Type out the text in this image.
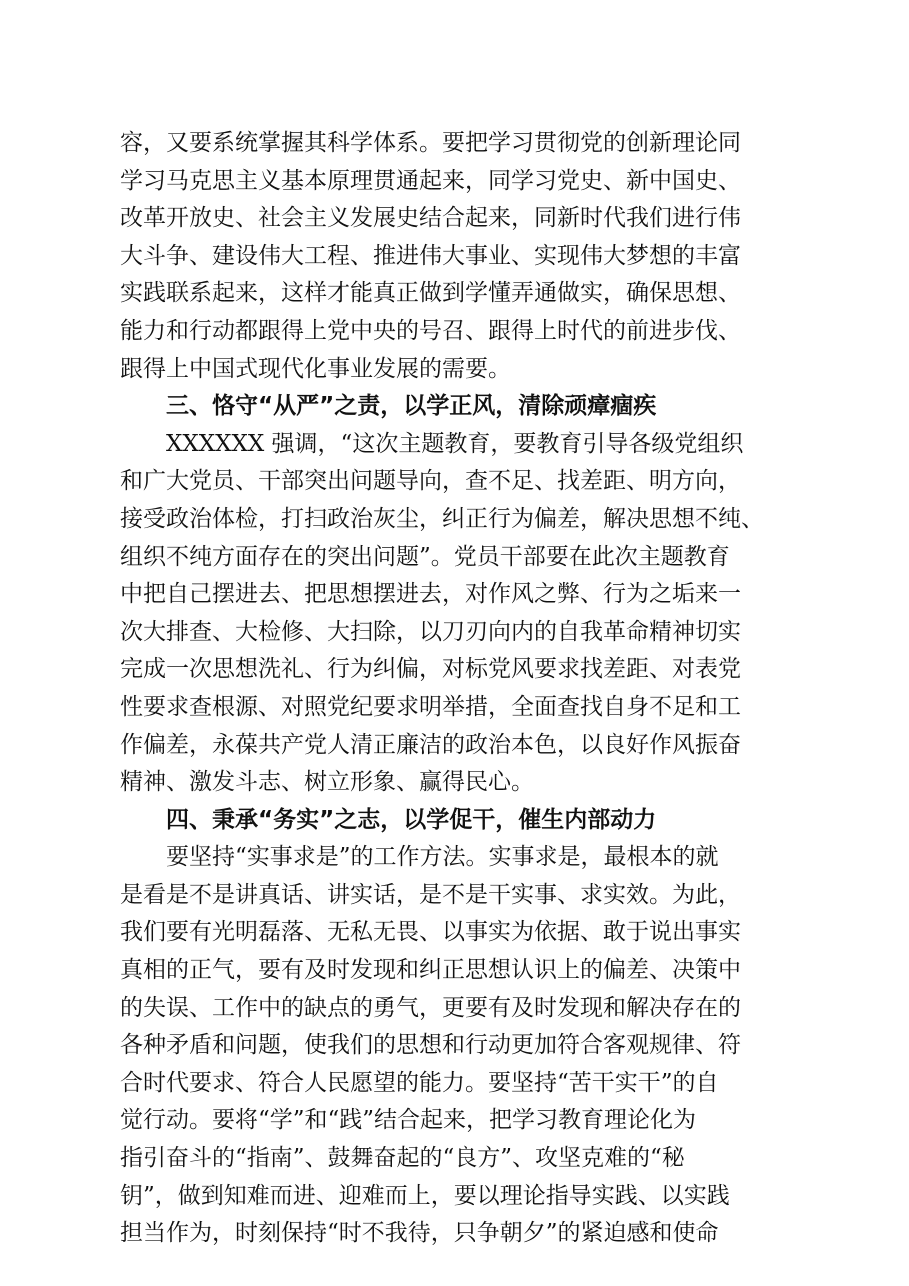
容，又要系统掌握其科学体系。要把学习贯彻党的创新理论同
学习马克思主义基本原理贯通起来，同学习党史、新中国史、
改革开放史、社会主义发展史结合起来，同新时代我们进行伟
大斗争、建设伟大工程、推进伟大事业、实现伟大梦想的丰富
实践联系起来，这样才能真正做到学懂弄通做实，确保思想、
能力和行动都跟得上党中央的号召、跟得上时代的前进步伐、
跟得上中国式现代化事业发展的需要。
三、恪守“从严”之责，以学正风，清除顽瘴痼疾
XXXXXX 强调，“这次主题教育，要教育引导各级党组织
和广大党员、干部突出问题导向，查不足、找差距、明方向，
接受政治体检，打扫政治灰尘，纠正行为偏差，解决思想不纯、
组织不纯方面存在的突出问题”。党员干部要在此次主题教育
中把自己摆进去、把思想摆进去，对作风之弊、行为之垢来一
次大排查、大检修、大扫除，以刀刃向内的自我革命精神切实
完成一次思想洗礼、行为纠偏，对标党风要求找差距、对表党
性要求查根源、对照党纪要求明举措，全面查找自身不足和工
作偏差，永葆共产党人清正廉洁的政治本色，以良好作风振奋
精神、激发斗志、树立形象、赢得民心。
四、秉承“务实”之志，以学促干，催生内部动力
要坚持“实事求是”的工作方法。实事求是，最根本的就
是看是不是讲真话、讲实话，是不是干实事、求实效。为此，
我们要有光明磊落、无私无畏、以事实为依据、敢于说出事实
真相的正气，要有及时发现和纠正思想认识上的偏差、决策中
的失误、工作中的缺点的勇气，更要有及时发现和解决存在的
各种矛盾和问题，使我们的思想和行动更加符合客观规律、符
合时代要求、符合人民愿望的能力。要坚持“苦干实干”的自
觉行动。要将“学”和“践”结合起来，把学习教育理论化为
指引奋斗的“指南”、鼓舞奋起的“良方”、攻坚克难的“秘
钥”，做到知难而进、迎难而上，要以理论指导实践、以实践
担当作为，时刻保持“时不我待，只争朝夕”的紧迫感和使命
